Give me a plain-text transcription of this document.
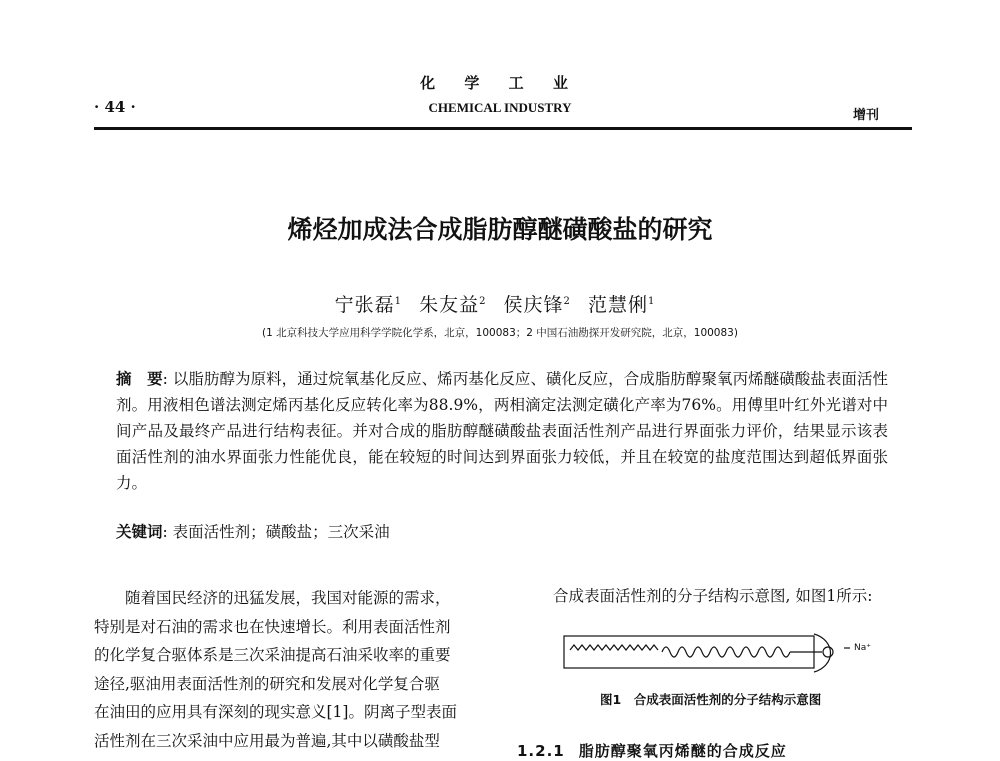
化 学 工 业
· 44 ·	CHEMICAL INDUSTRY
增刊
烯烃加成法合成脂肪醇醚磺酸盐的研究
宁张磊$^1$ 朱友益$^2$ 侯庆锋$^2$ 范慧俐$^1$
(1 北京科技大学应用科学学院化学系，北京，100083；2 中国石油勘探开发研究院，北京，100083)
摘　要: 以脂肪醇为原料，通过烷氧基化反应、烯丙基化反应、磺化反应，合成脂肪醇聚氧丙烯醚磺酸盐表面活性剂。用液相色谱法测定烯丙基化反应转化率为88.9%，两相滴定法测定磺化产率为76%。用傅里叶红外光谱对中间产品及最终产品进行结构表征。并对合成的脂肪醇醚磺酸盐表面活性剂产品进行界面张力评价，结果显示该表面活性剂的油水界面张力性能优良，能在较短的时间达到界面张力较低，并且在较宽的盐度范围达到超低界面张力。
关键词: 表面活性剂；磺酸盐；三次采油

随着国民经济的迅猛发展，我国对能源的需求，

特别是对石油的需求也在快速增长。利用表面活性剂
的化学复合驱体系是三次采油提高石油采收率的重要
途径,驱油用表面活性剂的研究和发展对化学复合驱
在油田的应用具有深刻的现实意义[1]。阴离子型表面
活性剂在三次采油中应用最为普遍,其中以磺酸盐型
合成表面活性剂的分子结构示意图, 如图1所示:
Na⁺
图1　合成表面活性剂的分子结构示意图
1.2.1 脂肪醇聚氧丙烯醚的合成反应
